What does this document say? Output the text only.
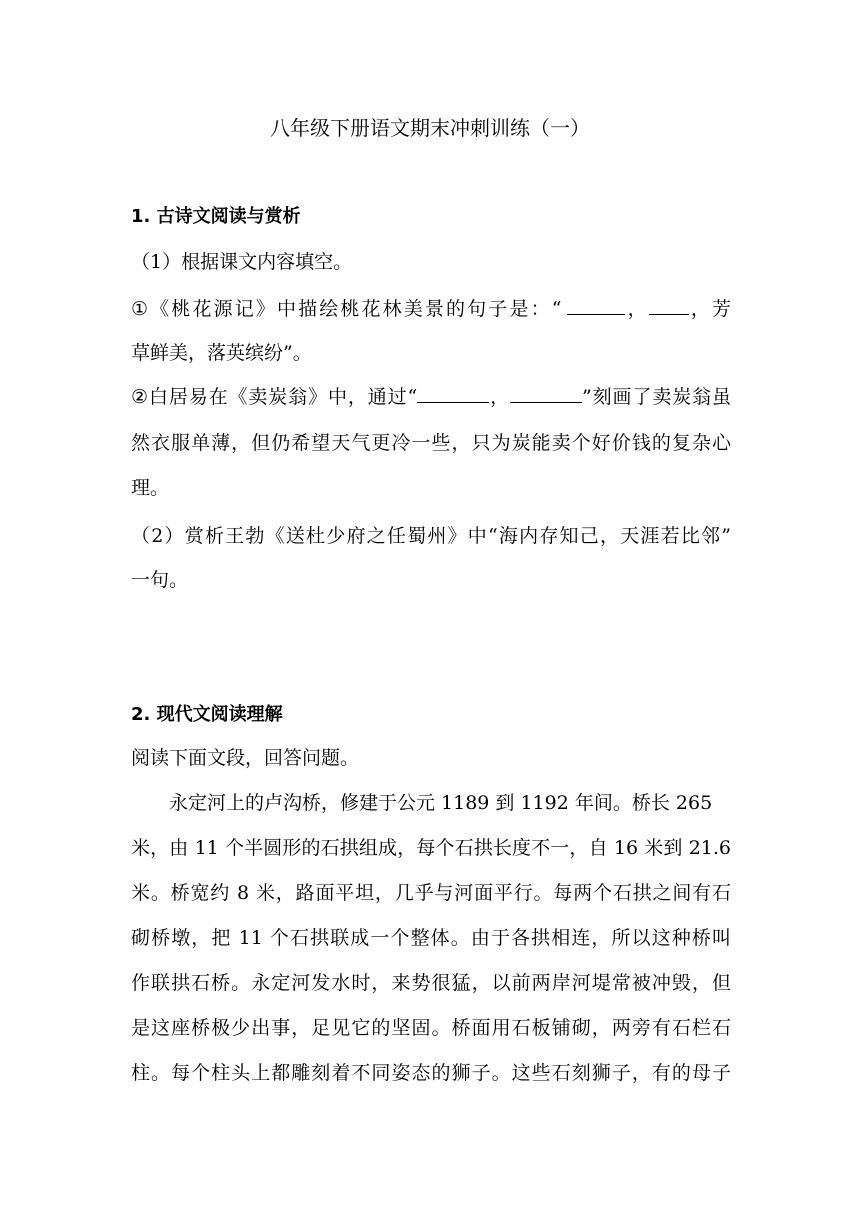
八年级下册语文期末冲刺训练（一）
1. 古诗文阅读与赏析
（1）根据课文内容填空。
①《桃花源记》中描绘桃花林美景的句子是：“	， ，芳
草鲜美，落英缤纷”。
②白居易在《卖炭翁》中，通过“	，	”刻画了卖炭翁虽
然衣服单薄，但仍希望天气更冷一些，只为炭能卖个好价钱的复杂心
理。
（2）赏析王勃《送杜少府之任蜀州》中“海内存知己，天涯若比邻”
一句。
2. 现代文阅读理解
阅读下面文段，回答问题。
永定河上的卢沟桥，修建于公元 1189 到 1192 年间。桥长 265
米，由 11 个半圆形的石拱组成，每个石拱长度不一，自 16 米到 21.6
米。桥宽约 8 米，路面平坦，几乎与河面平行。每两个石拱之间有石
砌桥墩，把 11 个石拱联成一个整体。由于各拱相连，所以这种桥叫
作联拱石桥。永定河发水时，来势很猛，以前两岸河堤常被冲毁，但
是这座桥极少出事，足见它的坚固。桥面用石板铺砌，两旁有石栏石
柱。每个柱头上都雕刻着不同姿态的狮子。这些石刻狮子，有的母子
